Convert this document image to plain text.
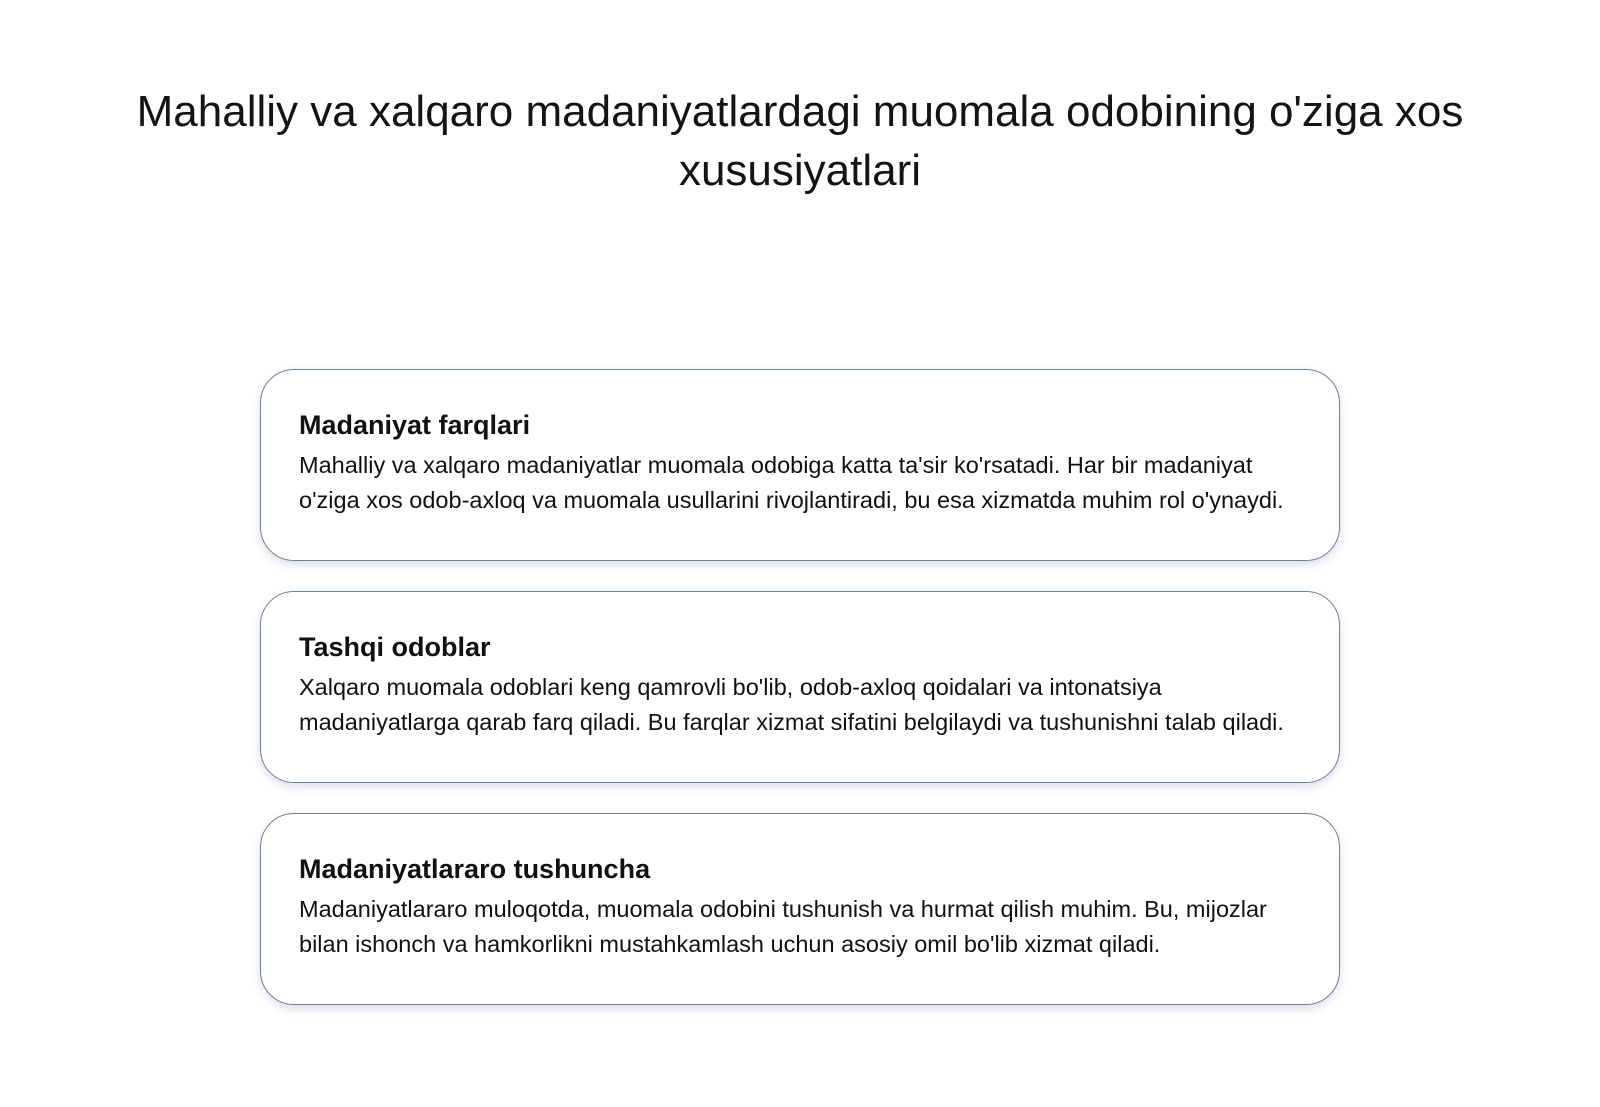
Mahalliy va xalqaro madaniyatlardagi muomala odobining o'ziga xos xususiyatlari
Madaniyat farqlari

Mahalliy va xalqaro madaniyatlar muomala odobiga katta ta'sir ko'rsatadi. Har bir madaniyat o'ziga xos odob-axloq va muomala usullarini rivojlantiradi, bu esa xizmatda muhim rol o'ynaydi.

Tashqi odoblar

Xalqaro muomala odoblari keng qamrovli bo'lib, odob-axloq qoidalari va intonatsiya madaniyatlarga qarab farq qiladi. Bu farqlar xizmat sifatini belgilaydi va tushunishni talab qiladi.

Madaniyatlararo tushuncha

Madaniyatlararo muloqotda, muomala odobini tushunish va hurmat qilish muhim. Bu, mijozlar bilan ishonch va hamkorlikni mustahkamlash uchun asosiy omil bo'lib xizmat qiladi.
